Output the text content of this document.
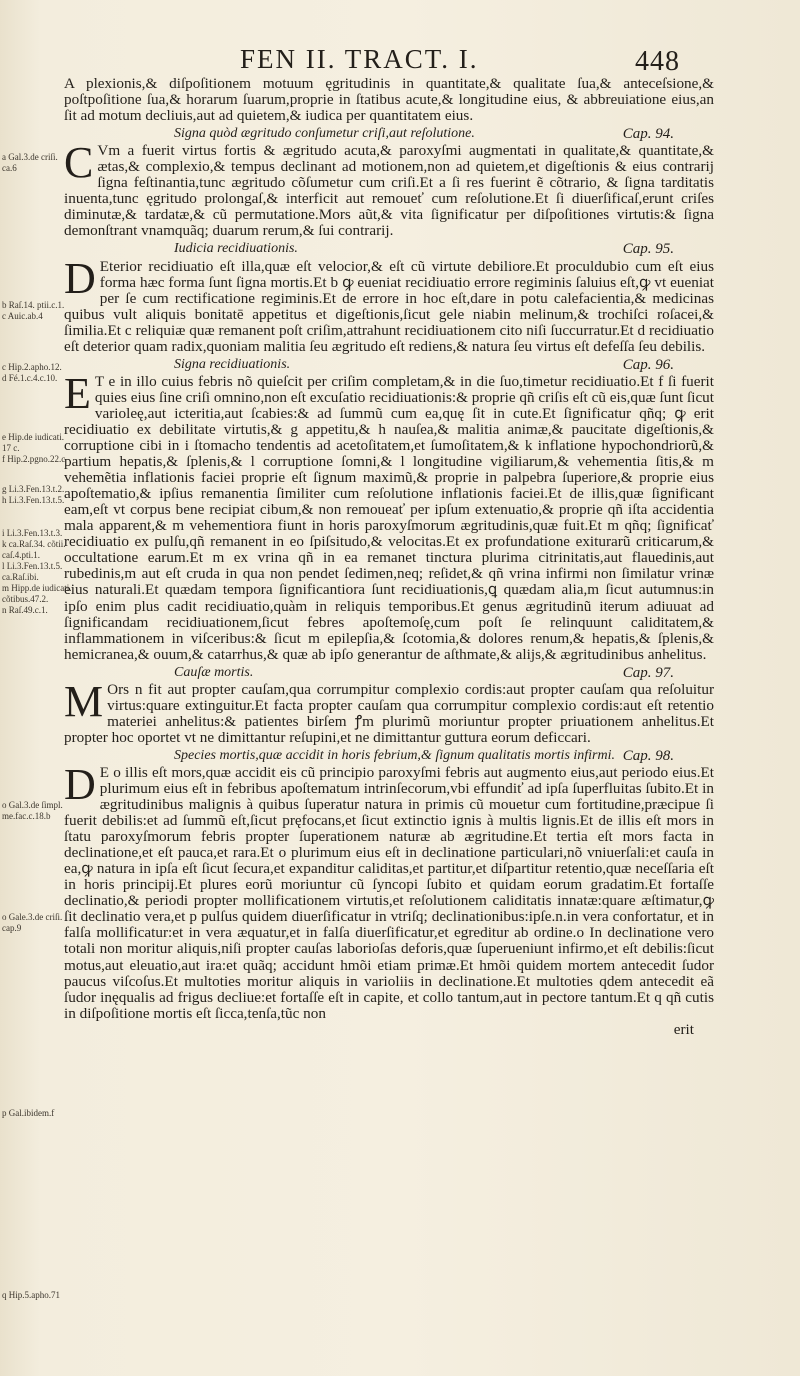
FEN II. TRACT. I.	448

A plexionis,& diſpoſitionem motuum ęgritudinis in quantitate,& qualitate ſua,& anteceſsione,& poſtpoſitione ſua,& horarum ſuarum,proprie in ſtatibus acute,& longitudine eius, & abbreuiatione eius,an ſit ad motum decliuis,aut ad quietem,& iudica per quantitatem eius.

Signa quòd ægritudo conſumetur criſi,aut reſolutione.	Cap. 94.

C Vm a fuerit virtus fortis & ægritudo acuta,& paroxyſmi augmentati in qualitate,& quantitate,& ætas,& complexio,& tempus declinant ad motionem,non ad quietem,et digeſtionis & eius contrarij ſigna feſtinantia,tunc ægritudo cõſumetur cum criſi.Et a ſi res fuerint ẽ cõtrario, & ſigna tarditatis inuenta,tunc ęgritudo prolongaſ,& interficit aut remoueť cum reſolutione.Et ſi diuerſificaſ,erunt criſes diminutæ,& tardatæ,& cũ permutatione.Mors aũt,& vita ſignificatur per diſpoſitiones virtutis:& ſigna demonſtrant vnamquãq; duarum rerum,& ſui contrarij.

Iudicia recidiuationis.	Cap. 95.

D Eterior recidiuatio eſt illa,quæ eſt velocior,& eſt cũ virtute debiliore.Et proculdubio cum eſt eius forma hæc forma ſunt ſigna mortis.Et b ꝙ eueniat recidiuatio errore regiminis ſaluius eſt,ꝙ vt eueniat per ſe cum rectificatione regiminis.Et de errore in hoc eſt,dare in potu calefacientia,& medicinas quibus vult aliquis bonitatē appetitus et digeſtionis,ſicut gele niabin melinum,& trochiſci roſacei,& ſimilia.Et c reliquiæ quæ remanent poſt criſim,attrahunt recidiuationem cito niſi ſuccurratur.Et d recidiuatio eſt deterior quam radix,quoniam malitia ſeu ægritudo eſt rediens,& natura ſeu virtus eſt defeſſa ſeu debilis.

Signa recidiuationis.	Cap. 96.

E T e in illo cuius febris nõ quieſcit per criſim completam,& in die ſuo,timetur recidiuatio.Et f ſi fuerit quies eius ſine criſi omnino,non eſt excuſatio recidiuationis:& proprie qñ criſis eſt cũ eis,quæ ſunt ſicut varioleę,aut icteritia,aut ſcabies:& ad ſummũ cum ea,quę ſit in cute.Et ſignificatur qñq; ꝙ erit recidiuatio ex debilitate virtutis,& g appetitu,& h nauſea,& malitia animæ,& paucitate digeſtionis,& corruptione cibi in i ſtomacho tendentis ad acetoſitatem,et ſumoſitatem,& k inflatione hypochondriorũ,& partium hepatis,& ſplenis,& l corruptione ſomni,& l longitudine vigiliarum,& vehementia ſitis,& m vehemẽtia inflationis faciei proprie eſt ſignum maximũ,& proprie in palpebra ſuperiore,& proprie eius apoſtematio,& ipſius remanentia ſimiliter cum reſolutione inflationis faciei.Et de illis,quæ ſignificant eam,eſt vt corpus bene recipiat cibum,& non remoueať per ipſum extenuatio,& proprie qñ iſta accidentia mala apparent,& m vehementiora fiunt in horis paroxyſmorum ægritudinis,quæ fuit.Et m qñq; ſignificať recidiuatio ex pulſu,qñ remanent in eo ſpiſsitudo,& velocitas.Et ex profundatione exiturarũ criticarum,& occultatione earum.Et m ex vrina qñ in ea remanet tinctura plurima citrinitatis,aut flauedinis,aut rubedinis,m aut eſt cruda in qua non pendet ſedimen,neq; reſidet,& qñ vrina infirmi non ſimilatur vrinæ eius naturali.Et quædam tempora ſignificantiora ſunt recidiuationis,ꝗ quædam alia,m ſicut autumnus:in ipſo enim plus cadit recidiuatio,quàm in reliquis temporibus.Et genus ægritudinũ iterum adiuuat ad ſignificandam recidiuationem,ſicut febres apoſtemoſę,cum poſt ſe relinquunt caliditatem,& inflammationem in viſceribus:& ſicut m epilepſia,& ſcotomia,& dolores renum,& hepatis,& ſplenis,& hemicranea,& ouum,& catarrhus,& quæ ab ipſo generantur de aſthmate,& alijs,& ægritudinibus anhelitus.

Cauſæ mortis.	Cap. 97.

M Ors n fit aut propter cauſam,qua corrumpitur complexio cordis:aut propter cauſam qua reſoluitur virtus:quare extinguitur.Et facta propter cauſam qua corrumpitur complexio cordis:aut eſt retentio materiei anhelitus:& patientes birſem ꝭm plurimũ moriuntur propter priuationem anhelitus.Et propter hoc oportet vt ne dimittantur reſupini,et ne dimittantur guttura eorum deficcari.

Species mortis,quæ accidit in horis febrium,& ſignum qualitatis mortis infirmi. Cap. 98.

D E o illis eſt mors,quæ accidit eis cũ principio paroxyſmi febris aut augmento eius,aut periodo eius.Et plurimum eius eſt in febribus apoſtematum intrinſecorum,vbi effundiť ad ipſa ſuperfluitas ſubito.Et in ægritudinibus malignis à quibus ſuperatur natura in primis cũ mouetur cum fortitudine,præcipue ſi fuerit debilis:et ad ſummũ eſt,ſicut pręfocans,et ſicut extinctio ignis à multis lignis.Et de illis eſt mors in ſtatu paroxyſmorum febris propter ſuperationem naturæ ab ægritudine.Et tertia eſt mors facta in declinatione,et eſt pauca,et rara.Et o plurimum eius eſt in declinatione particulari,nõ vniuerſali:et cauſa in ea,ꝙ natura in ipſa eſt ſicut ſecura,et expanditur caliditas,et partitur,et diſpartitur retentio,quæ neceſſaria eſt in horis principij.Et plures eorũ moriuntur cũ ſyncopi ſubito et quidam eorum gradatim.Et fortaſſe declinatio,& periodi propter mollificationem virtutis,et reſolutionem caliditatis innatæ:quare æſtimatur,ꝙ ſit declinatio vera,et p pulſus quidem diuerſificatur in vtriſq; declinationibus:ipſe.n.in vera confortatur, et in falſa mollificatur:et in vera æquatur,et in falſa diuerſificatur,et egreditur ab ordine.o In declinatione vero totali non moritur aliquis,niſi propter cauſas laborioſas deforis,quæ ſuperueniunt infirmo,et eſt debilis:ſicut motus,aut eleuatio,aut ira:et quãq; accidunt hmõi etiam primæ.Et hmõi quidem mortem antecedit ſudor paucus viſcoſus.Et multoties moritur aliquis in varioliis in declinatione.Et multoties qdem antecedit eã ſudor inęqualis ad frigus decliue:et fortaſſe eſt in capite, et collo tantum,aut in pectore tantum.Et q qñ cutis in diſpoſitione mortis eſt ſicca,tenſa,tũc non

erit

a Gal.3.de criſi.
ca.6
b Raſ.14. ptii.c.1.
c Auic.ab.4
c Hip.2.apho.12.
d Fé.1.c.4.c.10.
e Hip.de iudicati.
17 c.
f Hip.2.pgno.22.c
g Li.3.Fen.13.t.2.
h Li.3.Fen.13.t.5.
i Li.3.Fen.13.t.3.
k ca.Raſ.34. cõtii.
caſ.4.pti.1.
l Li.3.Fen.13.t.5.
ca.Raſ.ibi.
m Hipp.de iudicati.
cõtibus.47.2.
n Raſ.49.c.1.
o Gal.3.de ſimpl.
me.fac.c.18.b
o Gale.3.de criſi.
cap.9
p Gal.ibidem.f
q Hip.5.apho.71
